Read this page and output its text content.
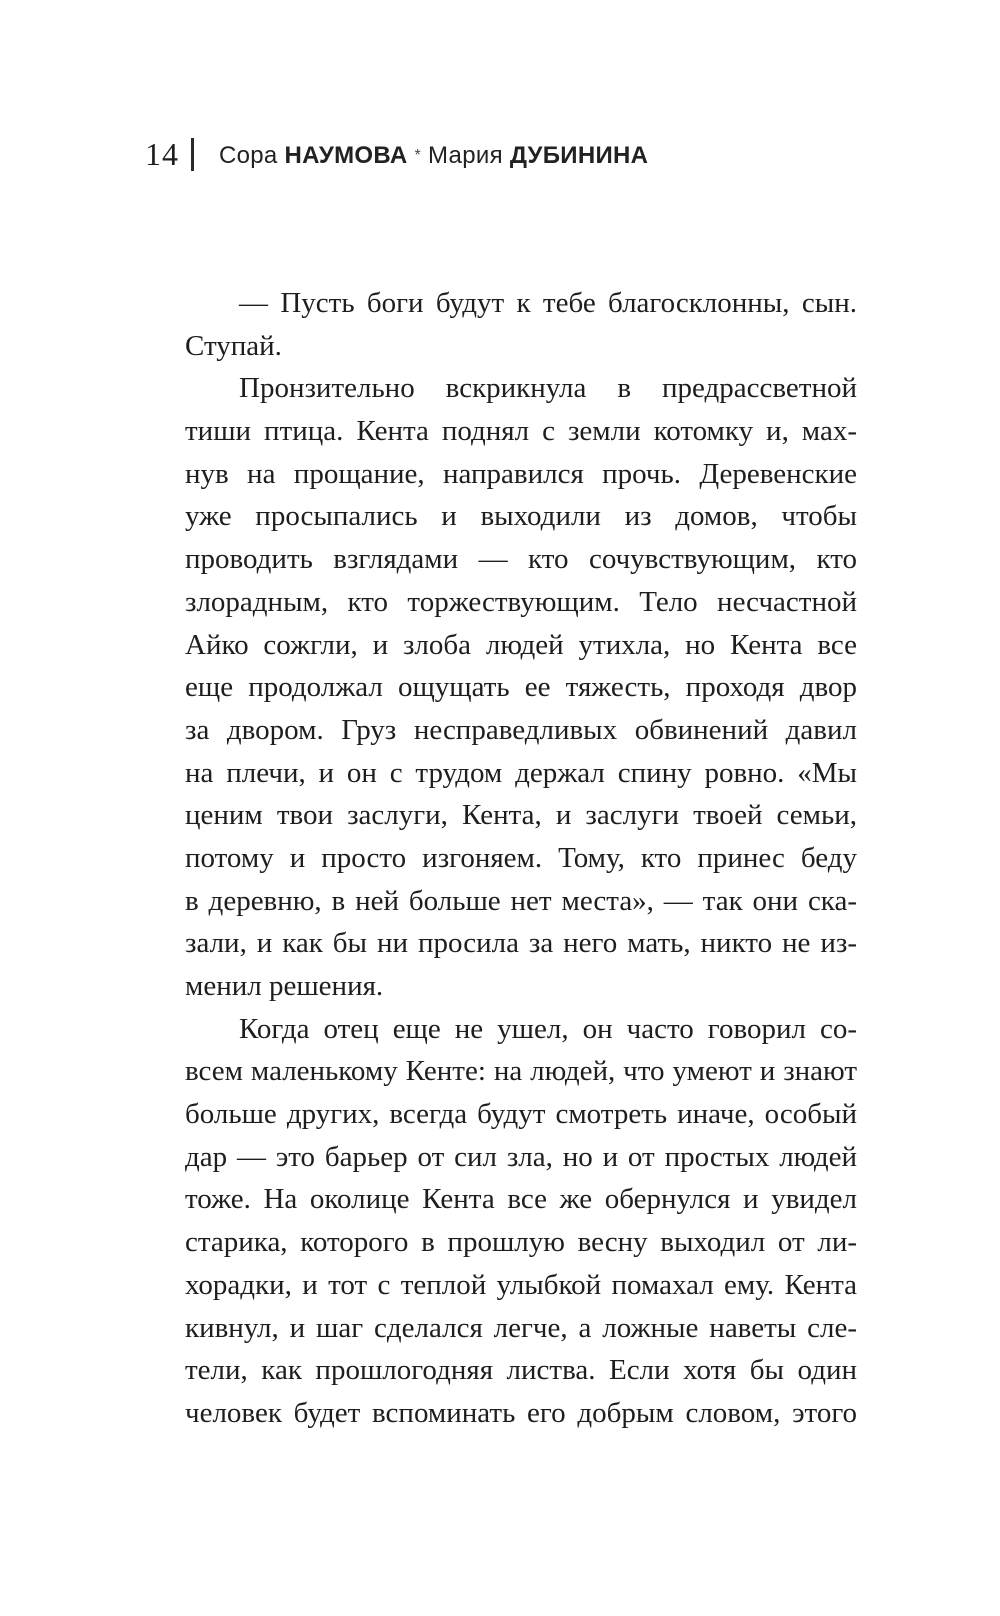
14 Сора НАУМОВА * Мария ДУБИНИНА
— Пусть боги будут к тебе благосклонны, сын.
Ступай.
Пронзительно вскрикнула в предрассветной
тиши птица. Кента поднял с земли котомку и, мах-
нув на прощание, направился прочь. Деревенские
уже просыпались и выходили из домов, чтобы
проводить взглядами — кто сочувствующим, кто
злорадным, кто торжествующим. Тело несчастной
Айко сожгли, и злоба людей утихла, но Кента все
еще продолжал ощущать ее тяжесть, проходя двор
за двором. Груз несправедливых обвинений давил
на плечи, и он с трудом держал спину ровно. «Мы
ценим твои заслуги, Кента, и заслуги твоей семьи,
потому и просто изгоняем. Тому, кто принес беду
в деревню, в ней больше нет места», — так они ска-
зали, и как бы ни просила за него мать, никто не из-
менил решения.
Когда отец еще не ушел, он часто говорил со-
всем маленькому Кенте: на людей, что умеют и знают
больше других, всегда будут смотреть иначе, особый
дар — это барьер от сил зла, но и от простых людей
тоже. На околице Кента все же обернулся и увидел
старика, которого в прошлую весну выходил от ли-
хорадки, и тот с теплой улыбкой помахал ему. Кента
кивнул, и шаг сделался легче, а ложные наветы сле-
тели, как прошлогодняя листва. Если хотя бы один
человек будет вспоминать его добрым словом, этого
